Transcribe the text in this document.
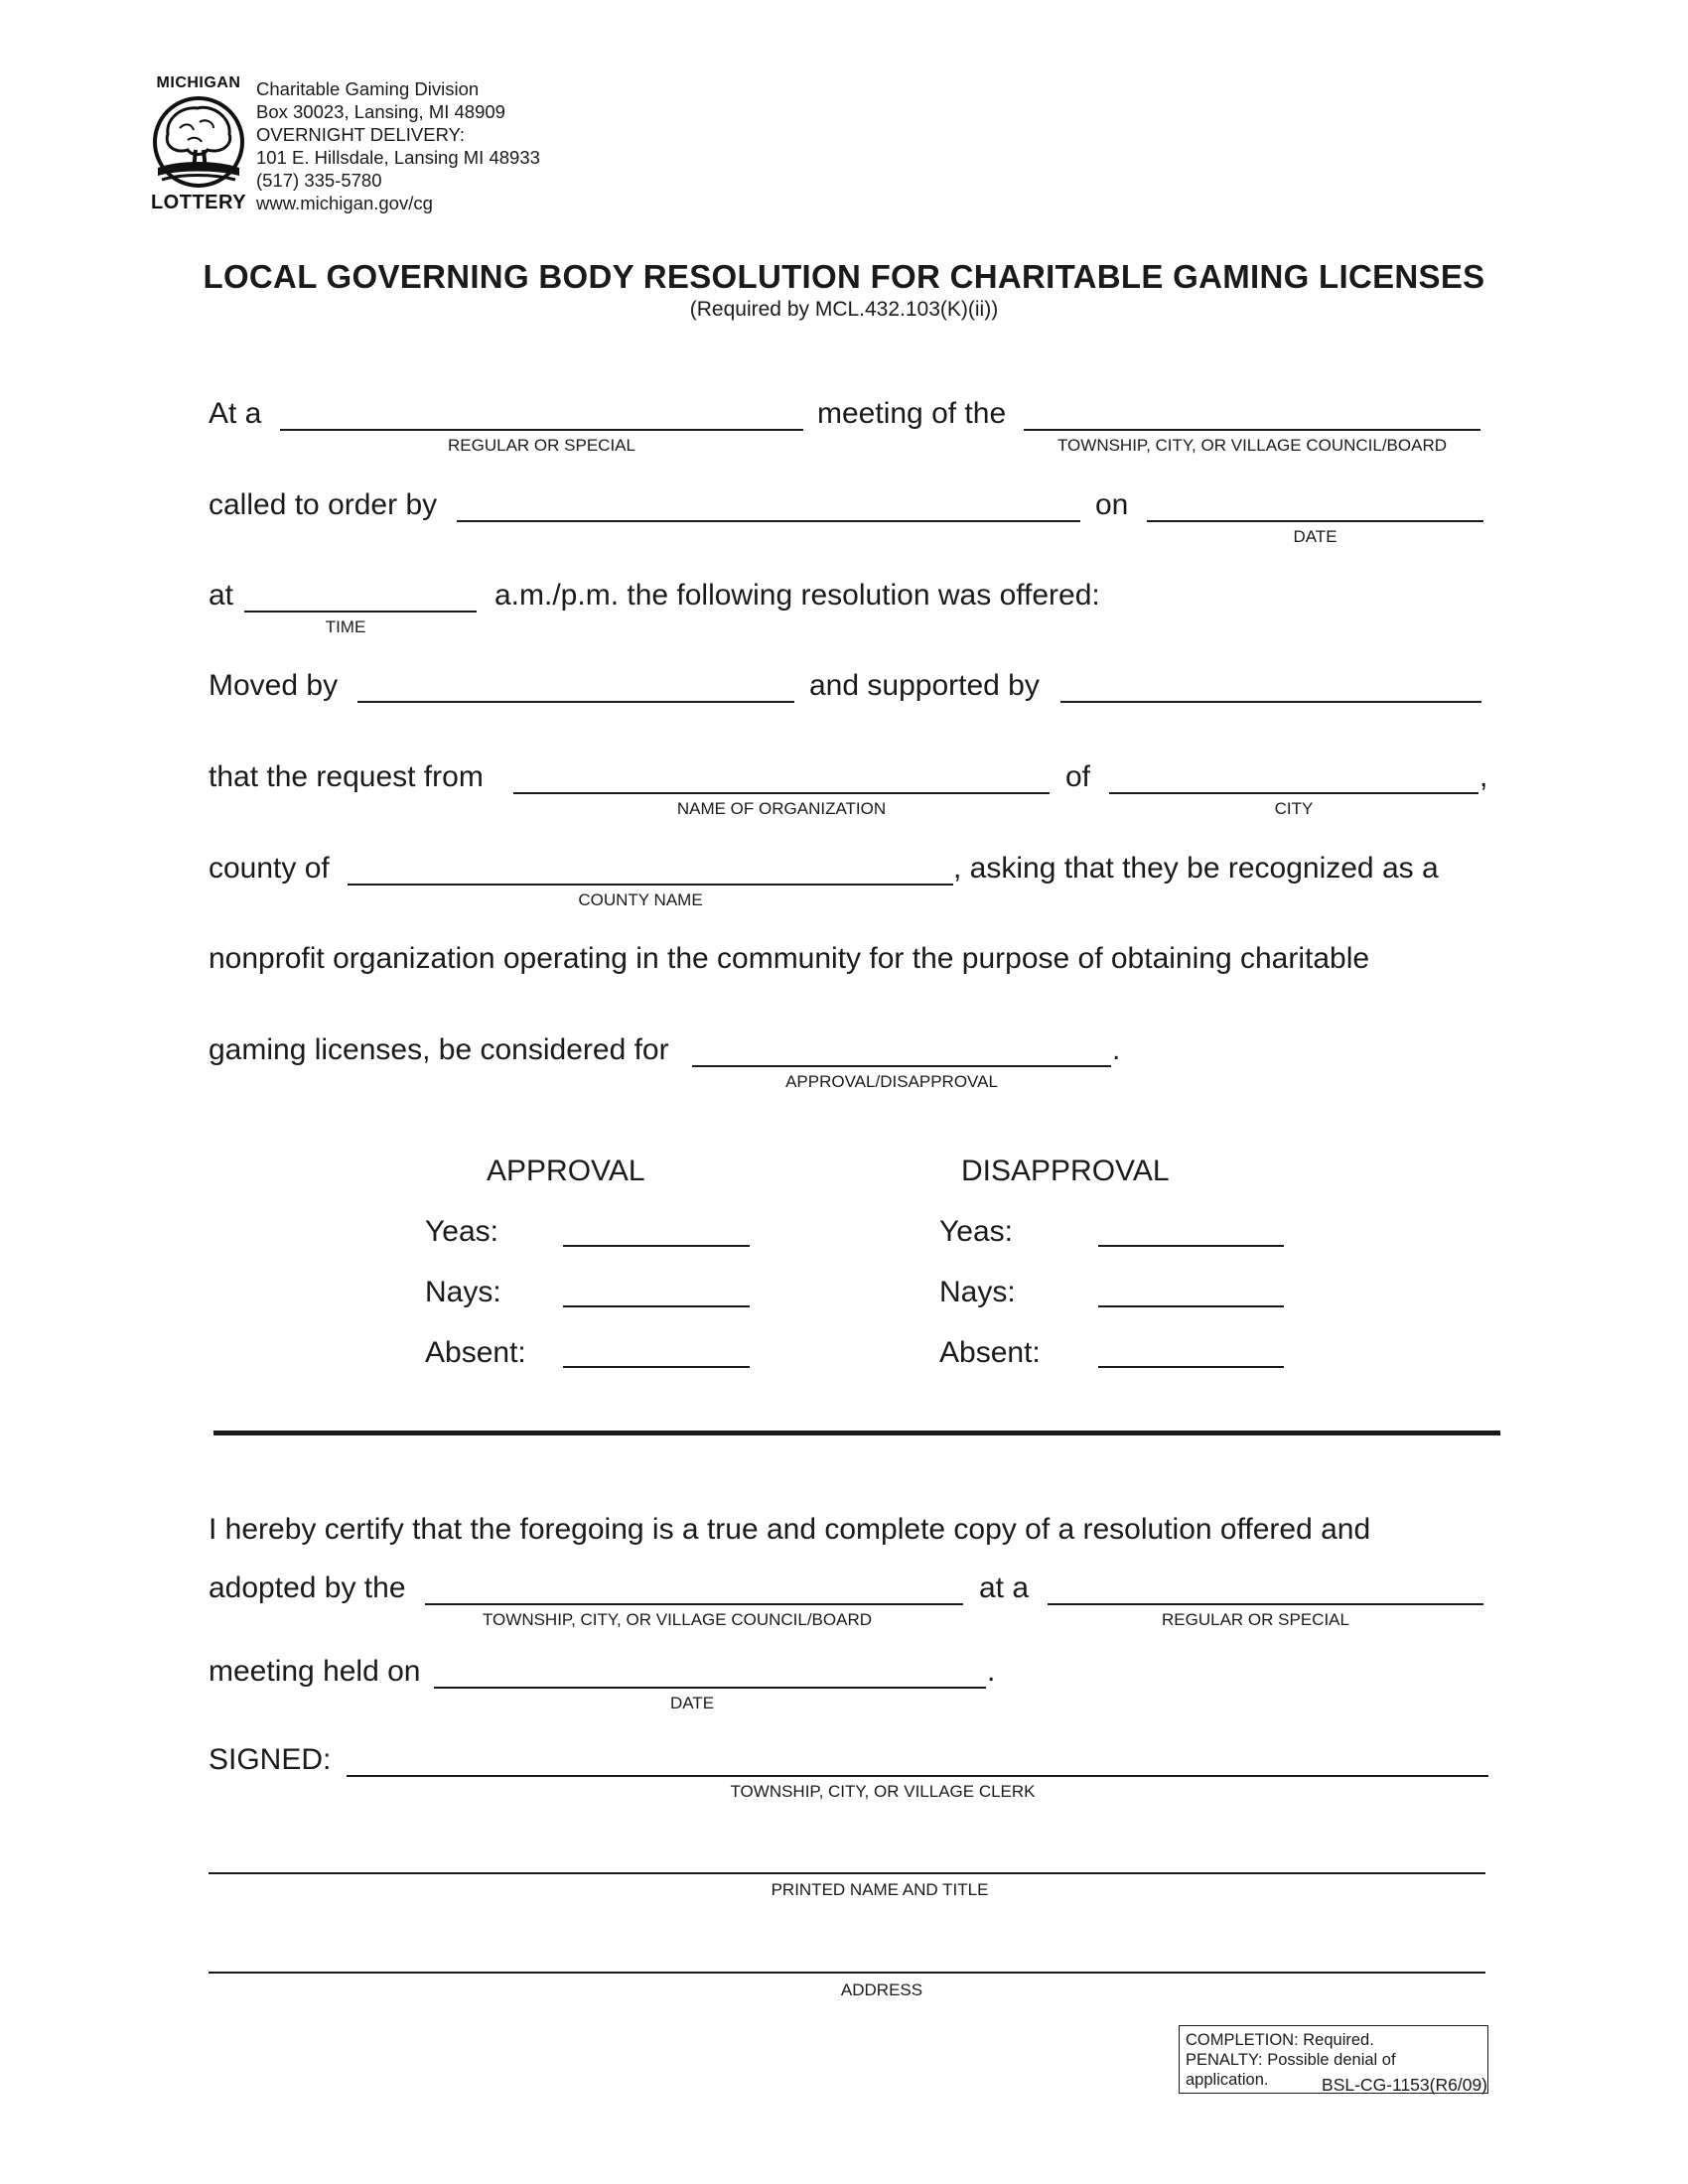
MICHIGAN
LOTTERY
Charitable Gaming Division
Box 30023, Lansing, MI 48909
OVERNIGHT DELIVERY:
101 E. Hillsdale, Lansing MI 48933
(517) 335-5780
www.michigan.gov/cg
LOCAL GOVERNING BODY RESOLUTION FOR CHARITABLE GAMING LICENSES
(Required by MCL.432.103(K)(ii))
At a	meeting of the
REGULAR OR SPECIAL	TOWNSHIP, CITY, OR VILLAGE COUNCIL/BOARD
called to order by	on
DATE
at	a.m./p.m. the following resolution was offered:
TIME
Moved by	and supported by
that the request from	of	,
NAME OF ORGANIZATION	CITY
county of	, asking that they be recognized as a
COUNTY NAME
nonprofit organization operating in the community for the purpose of obtaining charitable
gaming licenses, be considered for	.
APPROVAL/DISAPPROVAL
APPROVAL	DISAPPROVAL
Yeas:	Yeas:
Nays:	Nays:
Absent:	Absent:
I hereby certify that the foregoing is a true and complete copy of a resolution offered and
adopted by the	at a
TOWNSHIP, CITY, OR VILLAGE COUNCIL/BOARD	REGULAR OR SPECIAL
meeting held on	.
DATE
SIGNED:
TOWNSHIP, CITY, OR VILLAGE CLERK
PRINTED NAME AND TITLE
ADDRESS
COMPLETION: Required.
PENALTY: Possible denial of application.	BSL-CG-1153(R6/09)
